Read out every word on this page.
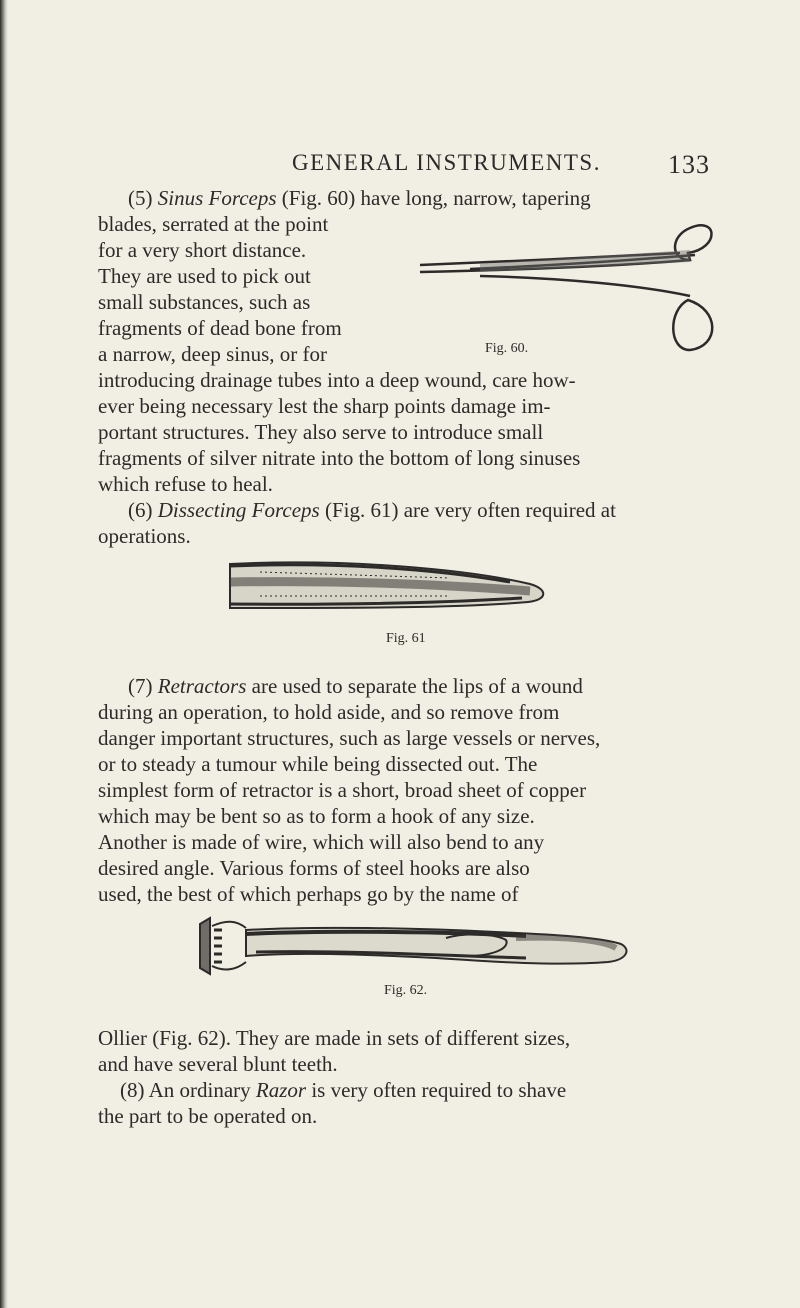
GENERAL INSTRUMENTS.	133
(5) Sinus Forceps (Fig. 60) have long, narrow, tapering
blades, serrated at the point
for a very short distance.
They are used to pick out
small substances, such as
fragments of dead bone from
a narrow, deep sinus, or for
introducing drainage tubes into a deep wound, care how-
ever being necessary lest the sharp points damage im-
portant structures. They also serve to introduce small
fragments of silver nitrate into the bottom of long sinuses
which refuse to heal.
Fig. 60.
(6) Dissecting Forceps (Fig. 61) are very often required at
operations.
Fig. 61
(7) Retractors are used to separate the lips of a wound
during an operation, to hold aside, and so remove from
danger important structures, such as large vessels or nerves,
or to steady a tumour while being dissected out. The
simplest form of retractor is a short, broad sheet of copper
which may be bent so as to form a hook of any size.
Another is made of wire, which will also bend to any
desired angle. Various forms of steel hooks are also
used, the best of which perhaps go by the name of
Fig. 62.
Ollier (Fig. 62). They are made in sets of different sizes,
and have several blunt teeth.
(8) An ordinary Razor is very often required to shave
the part to be operated on.
